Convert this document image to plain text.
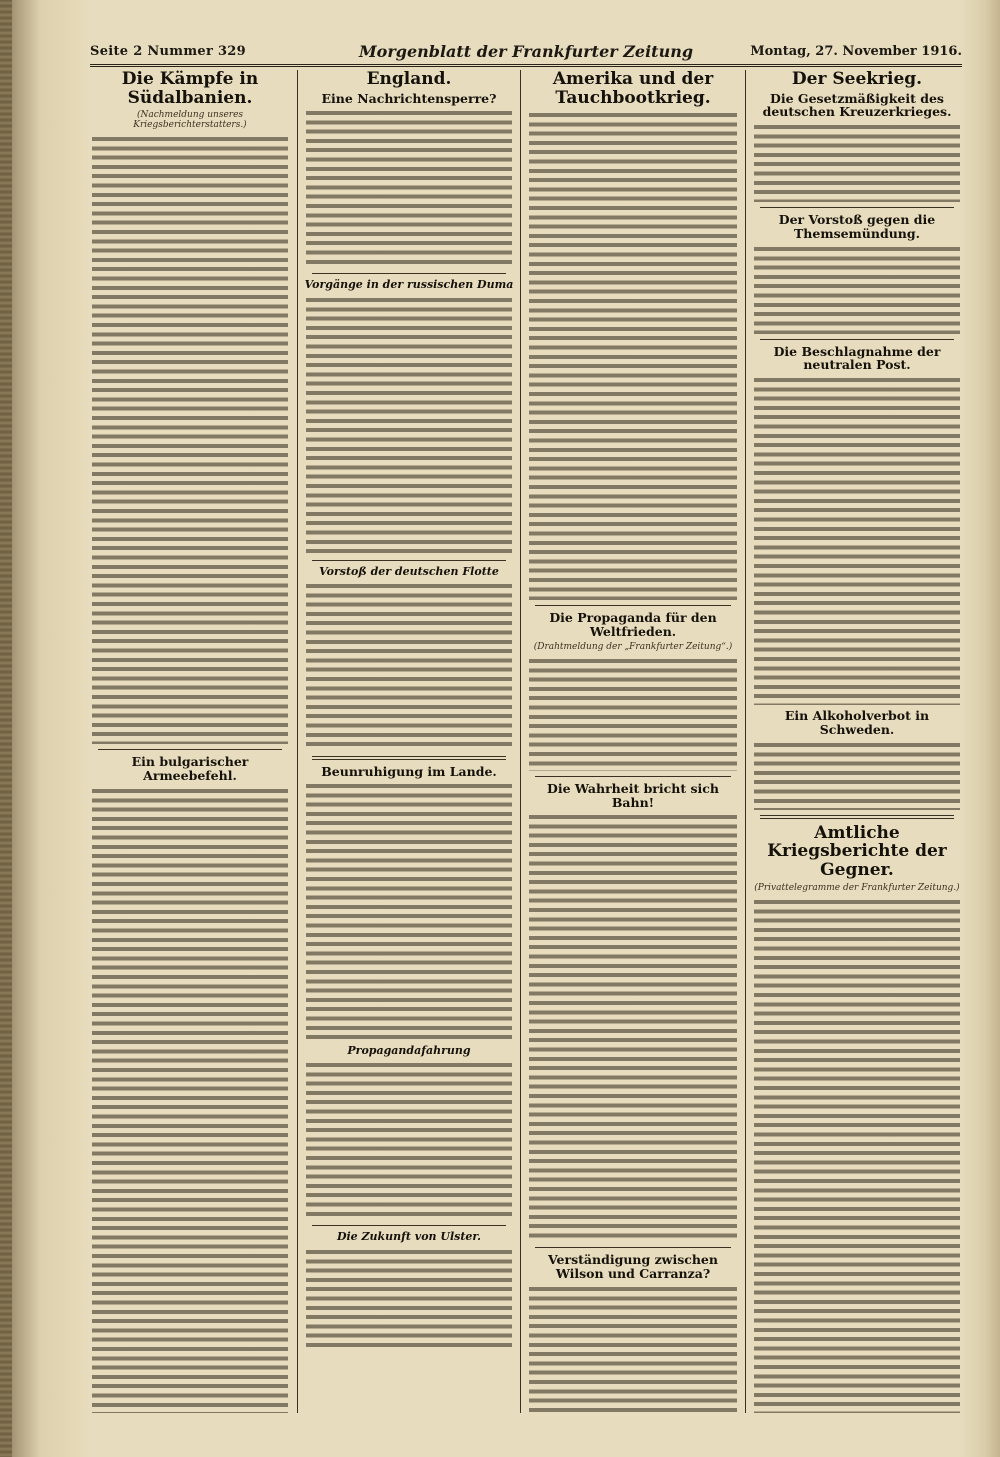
Seite 2 Nummer 329	Morgenblatt der Frankfurter Zeitung	Montag, 27. November 1916.
Die Kämpfe in Südalbanien.
(Nachmeldung unseres Kriegsberichterstatters.)
Ein bulgarischer Armeebefehl.
England.
Eine Nachrichtensperre?
Vorgänge in der russischen Duma
Vorstoß der deutschen Flotte
Beunruhigung im Lande.
Propagandafahrung
Die Zukunft von Ulster.
Amerika und der Tauchbootkrieg.
Die Propaganda für den Weltfrieden.
(Drahtmeldung der „Frankfurter Zeitung“.)
Die Wahrheit bricht sich Bahn!
Verständigung zwischen Wilson und Carranza?
Der Seekrieg.
Die Gesetzmäßigkeit des deutschen Kreuzerkrieges.
Der Vorstoß gegen die Themsemündung.
Die Beschlagnahme der neutralen Post.
Ein Alkoholverbot in Schweden.
Amtliche Kriegsberichte der Gegner.
(Privattelegramme der Frankfurter Zeitung.)
